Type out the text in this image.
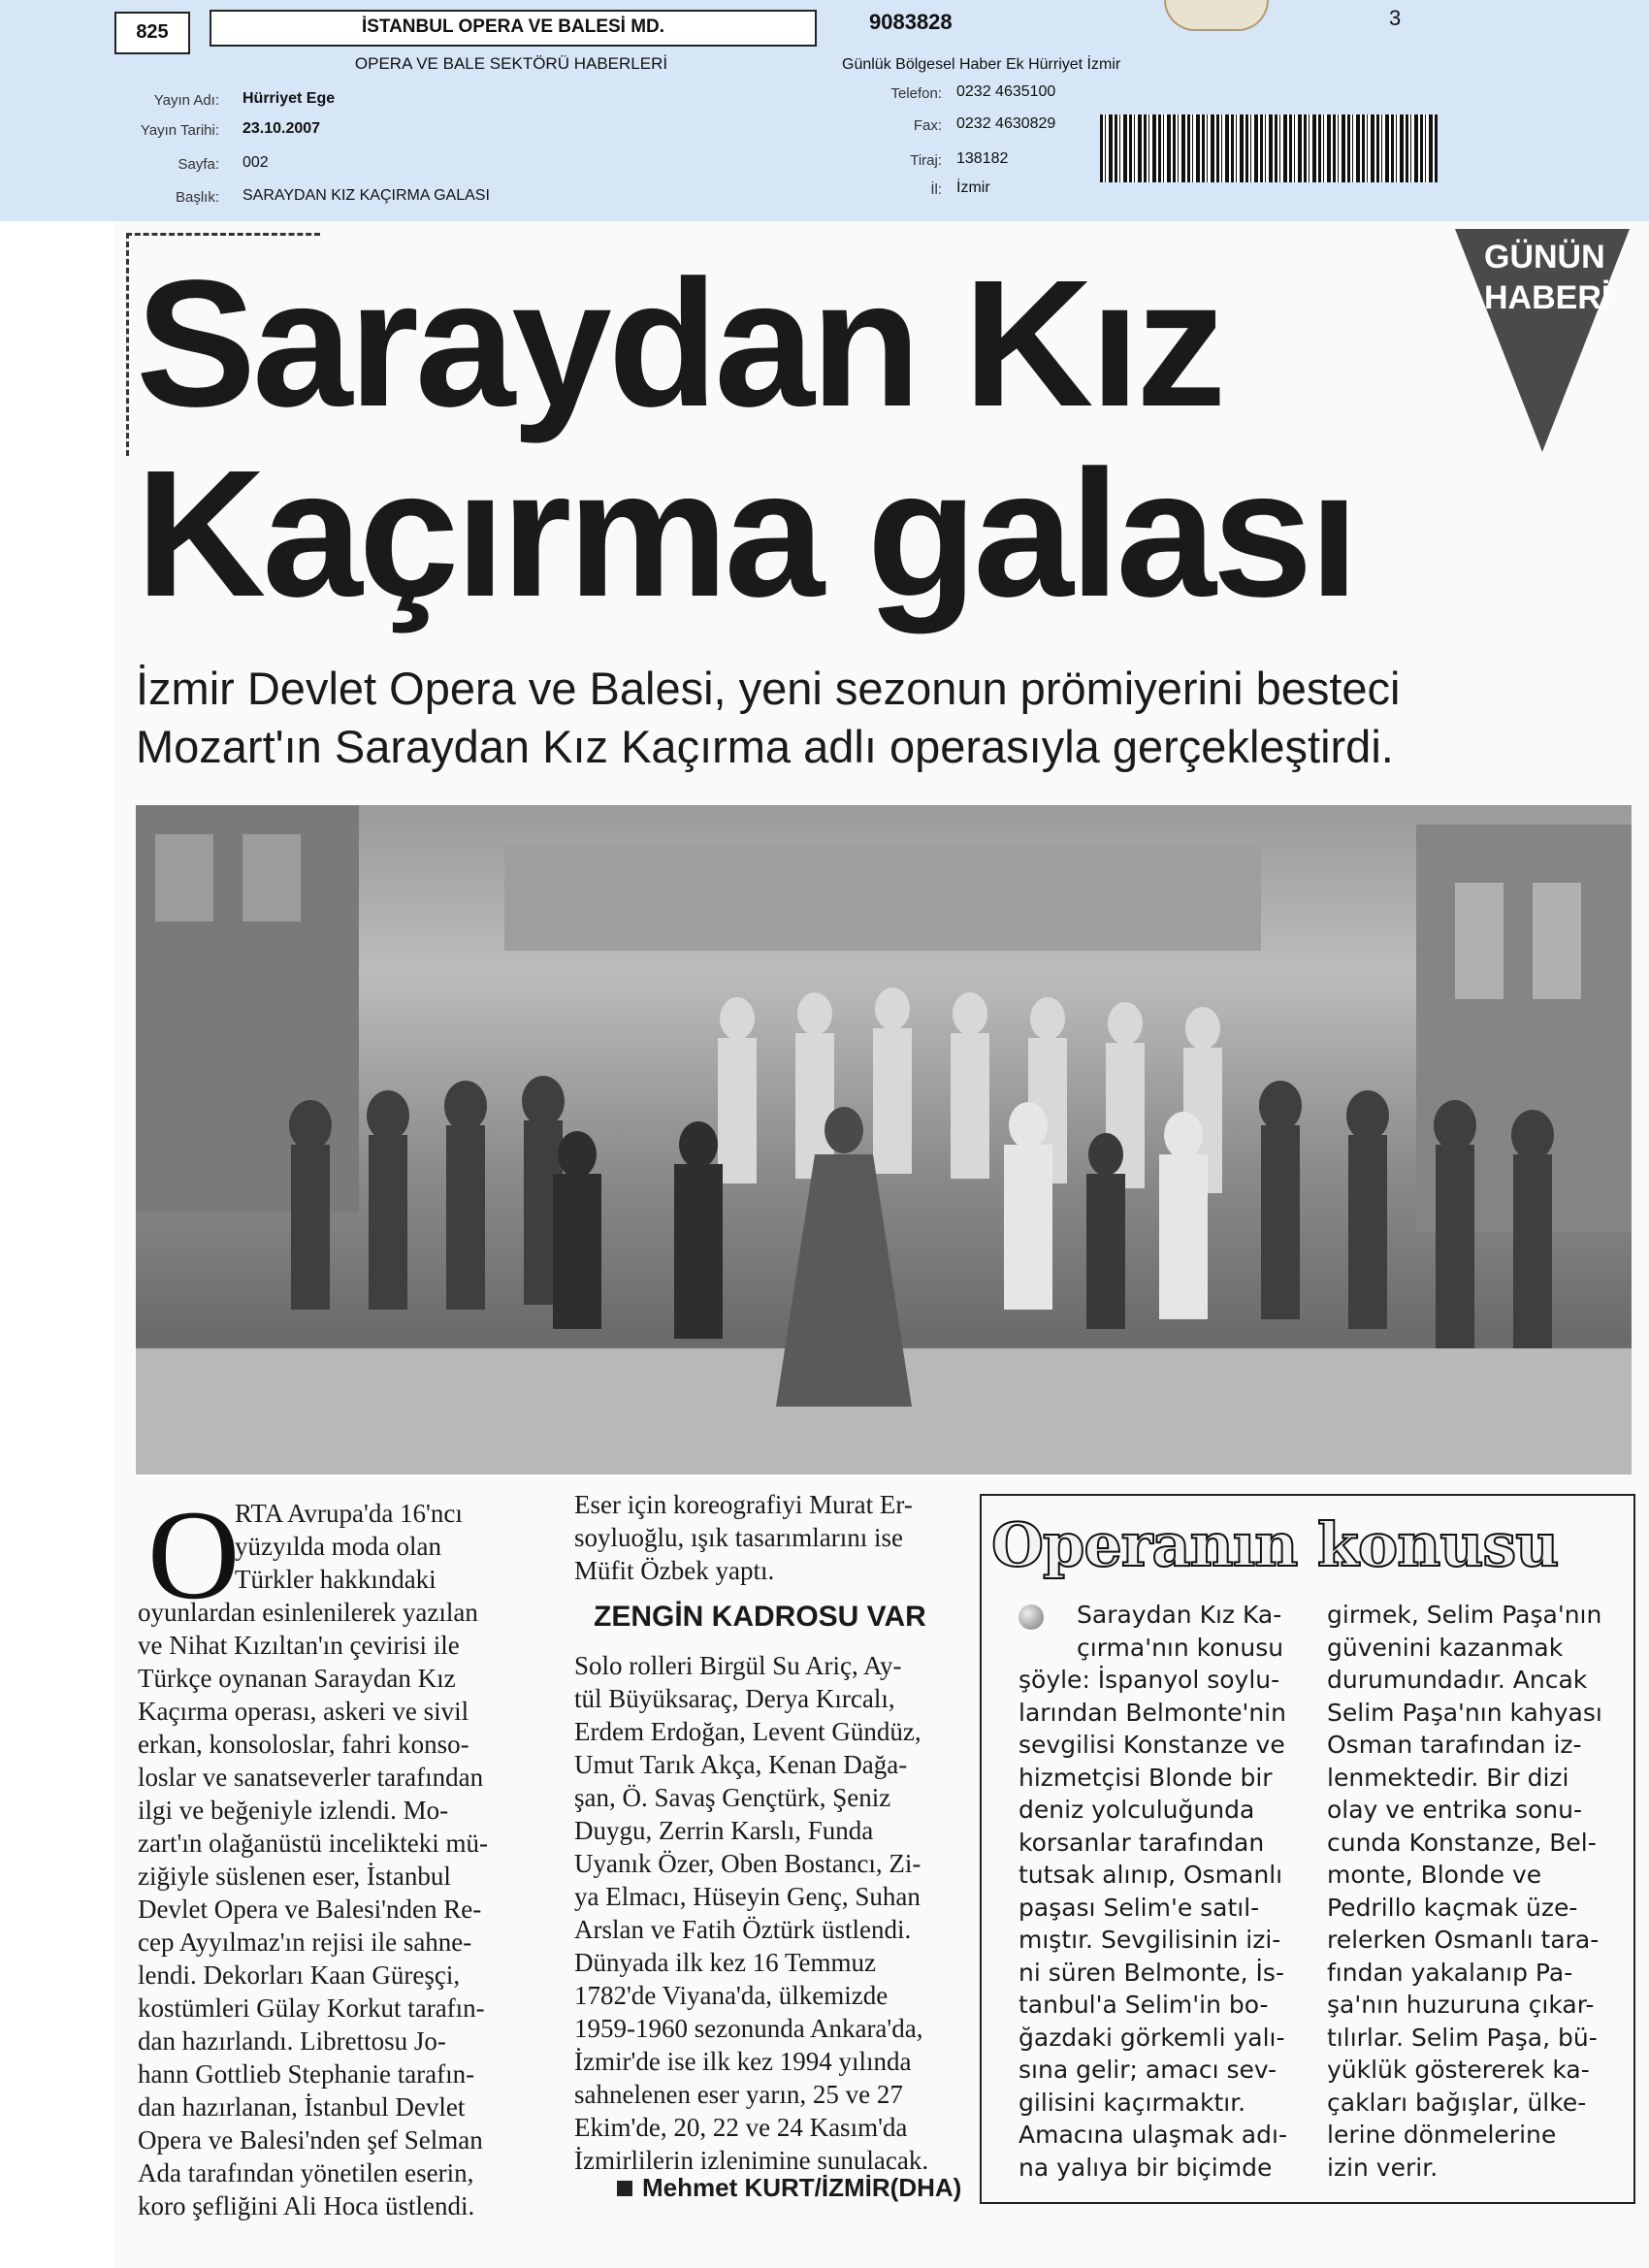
825	İSTANBUL OPERA VE BALESİ MD.
OPERA VE BALE SEKTÖRÜ HABERLERİ
9083828	3
Yayın Adı: Hürriyet Ege
Yayın Tarihi: 23.10.2007
Sayfa: 002
Başlık: SARAYDAN KIZ KAÇIRMA GALASI
Günlük Bölgesel Haber Ek Hürriyet İzmir
Telefon: 0232 4635100
Fax: 0232 4630829
Tiraj: 138182
İl: İzmir
Saraydan Kız
Kaçırma galası
GÜNÜN
HABERİ
İzmir Devlet Opera ve Balesi, yeni sezonun prömiyerini besteci
Mozart'ın Saraydan Kız Kaçırma adlı operasıyla gerçekleştirdi.
O

RTA Avrupa'da 16'ncı

yüzyılda moda olan

Türkler hakkındaki

oyunlardan esinlenilerek yazılan

ve Nihat Kızıltan'ın çevirisi ile

Türkçe oynanan Saraydan Kız

Kaçırma operası, askeri ve sivil

erkan, konsoloslar, fahri konso-

loslar ve sanatseverler tarafından

ilgi ve beğeniyle izlendi. Mo-

zart'ın olağanüstü incelikteki mü-

ziğiyle süslenen eser, İstanbul

Devlet Opera ve Balesi'nden Re-

cep Ayyılmaz'ın rejisi ile sahne-

lendi. Dekorları Kaan Güreşçi,

kostümleri Gülay Korkut tarafın-

dan hazırlandı. Librettosu Jo-

hann Gottlieb Stephanie tarafın-

dan hazırlanan, İstanbul Devlet

Opera ve Balesi'nden şef Selman

Ada tarafından yönetilen eserin,

koro şefliğini Ali Hoca üstlendi.

Eser için koreografiyi Murat Er-

soyluoğlu, ışık tasarımlarını ise

Müfit Özbek yaptı.

ZENGİN KADROSU VAR

Solo rolleri Birgül Su Ariç, Ay-

tül Büyüksaraç, Derya Kırcalı,

Erdem Erdoğan, Levent Gündüz,

Umut Tarık Akça, Kenan Dağa-

şan, Ö. Savaş Gençtürk, Şeniz

Duygu, Zerrin Karslı, Funda

Uyanık Özer, Oben Bostancı, Zi-

ya Elmacı, Hüseyin Genç, Suhan

Arslan ve Fatih Öztürk üstlendi.

Dünyada ilk kez 16 Temmuz

1782'de Viyana'da, ülkemizde

1959-1960 sezonunda Ankara'da,

İzmir'de ise ilk kez 1994 yılında

sahnelenen eser yarın, 25 ve 27

Ekim'de, 20, 22 ve 24 Kasım'da

İzmirlilerin izlenimine sunulacak.

Mehmet KURT/İZMİR(DHA)
Operanın konusu

Saraydan Kız Ka-

çırma'nın konusu

şöyle: İspanyol soylu-

larından Belmonte'nin

sevgilisi Konstanze ve

hizmetçisi Blonde bir

deniz yolculuğunda

korsanlar tarafından

tutsak alınıp, Osmanlı

paşası Selim'e satıl-

mıştır. Sevgilisinin izi-

ni süren Belmonte, İs-

tanbul'a Selim'in bo-

ğazdaki görkemli yalı-

sına gelir; amacı sev-

gilisini kaçırmaktır.

Amacına ulaşmak adı-

na yalıya bir biçimde

girmek, Selim Paşa'nın

güvenini kazanmak

durumundadır. Ancak

Selim Paşa'nın kahyası

Osman tarafından iz-

lenmektedir. Bir dizi

olay ve entrika sonu-

cunda Konstanze, Bel-

monte, Blonde ve

Pedrillo kaçmak üze-

relerken Osmanlı tara-

fından yakalanıp Pa-

şa'nın huzuruna çıkar-

tılırlar. Selim Paşa, bü-

yüklük göstererek ka-

çakları bağışlar, ülke-

lerine dönmelerine

izin verir.
